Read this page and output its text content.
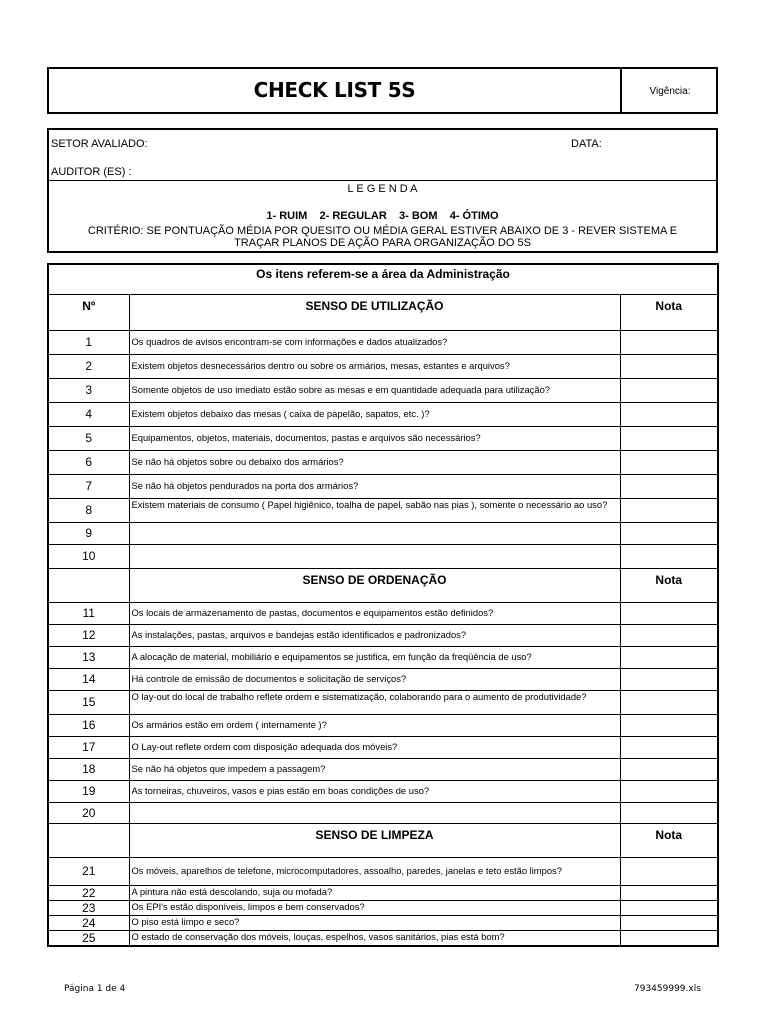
CHECK LIST 5S	Vigência:
SETOR AVALIADO:	DATA:
AUDITOR (ES) :
L E G E N D A
1- RUIM    2- REGULAR    3- BOM    4- ÓTIMO
CRITÉRIO: SE PONTUAÇÃO MÉDIA POR QUESITO OU MÉDIA GERAL ESTIVER ABAIXO DE 3 - REVER SISTEMA E
TRAÇAR PLANOS DE AÇÃO PARA ORGANIZAÇÃO DO 5S
Os itens referem-se a área da Administração		
Nº	SENSO DE UTILIZAÇÃO	Nota
1	Os quadros de avisos encontram-se com informações e dados atualizados?	
2	Existem objetos desnecessários dentro ou sobre os armários, mesas, estantes e arquivos?	
3	Somente objetos de uso imediato estão sobre as mesas e em quantidade adequada para utilização?	
4	Existem objetos debaixo das mesas ( caixa de papelão, sapatos, etc. )?	
5	Equipamentos, objetos, materiais, documentos, pastas e arquivos são necessários?	
6	Se não há objetos sobre ou debaixo dos armários?	
7	Se não há objetos pendurados na porta dos armários?	
8	Existem materiais de consumo ( Papel higiênico, toalha de papel, sabão nas pias ), somente o necessário ao uso?	
9		
10		
	SENSO DE ORDENAÇÃO	Nota
11	Os locais de armazenamento de pastas, documentos e equipamentos estão definidos?	
12	As instalações, pastas, arquivos e bandejas estão identificados e padronizados?	
13	A alocação de material, mobiliário e equipamentos se justifica, em função da freqüência de uso?	
14	Há controle de emissão de documentos e solicitação de serviços?	
15	O lay-out do local de trabalho reflete ordem e sistematização, colaborando para o aumento de produtividade?	
16	Os armários estão em ordem ( internamente )?	
17	O Lay-out reflete ordem com disposição adequada dos móveis?	
18	Se não há objetos que impedem a passagem?	
19	As torneiras, chuveiros, vasos e pias estão em boas condições de uso?	
20		
	SENSO DE LIMPEZA	Nota
21	Os móveis, aparelhos de telefone, microcomputadores, assoalho, paredes, janelas e teto estão limpos?	
22	A pintura não está descolando, suja ou mofada?	
23	Os EPI's estão disponíveis, limpos e bem conservados?	
24	O piso está limpo e seco?	
25	O estado de conservação dos móveis, louças, espelhos, vasos sanitários, pias está bom?	
Página 1 de 4	793459999.xls
